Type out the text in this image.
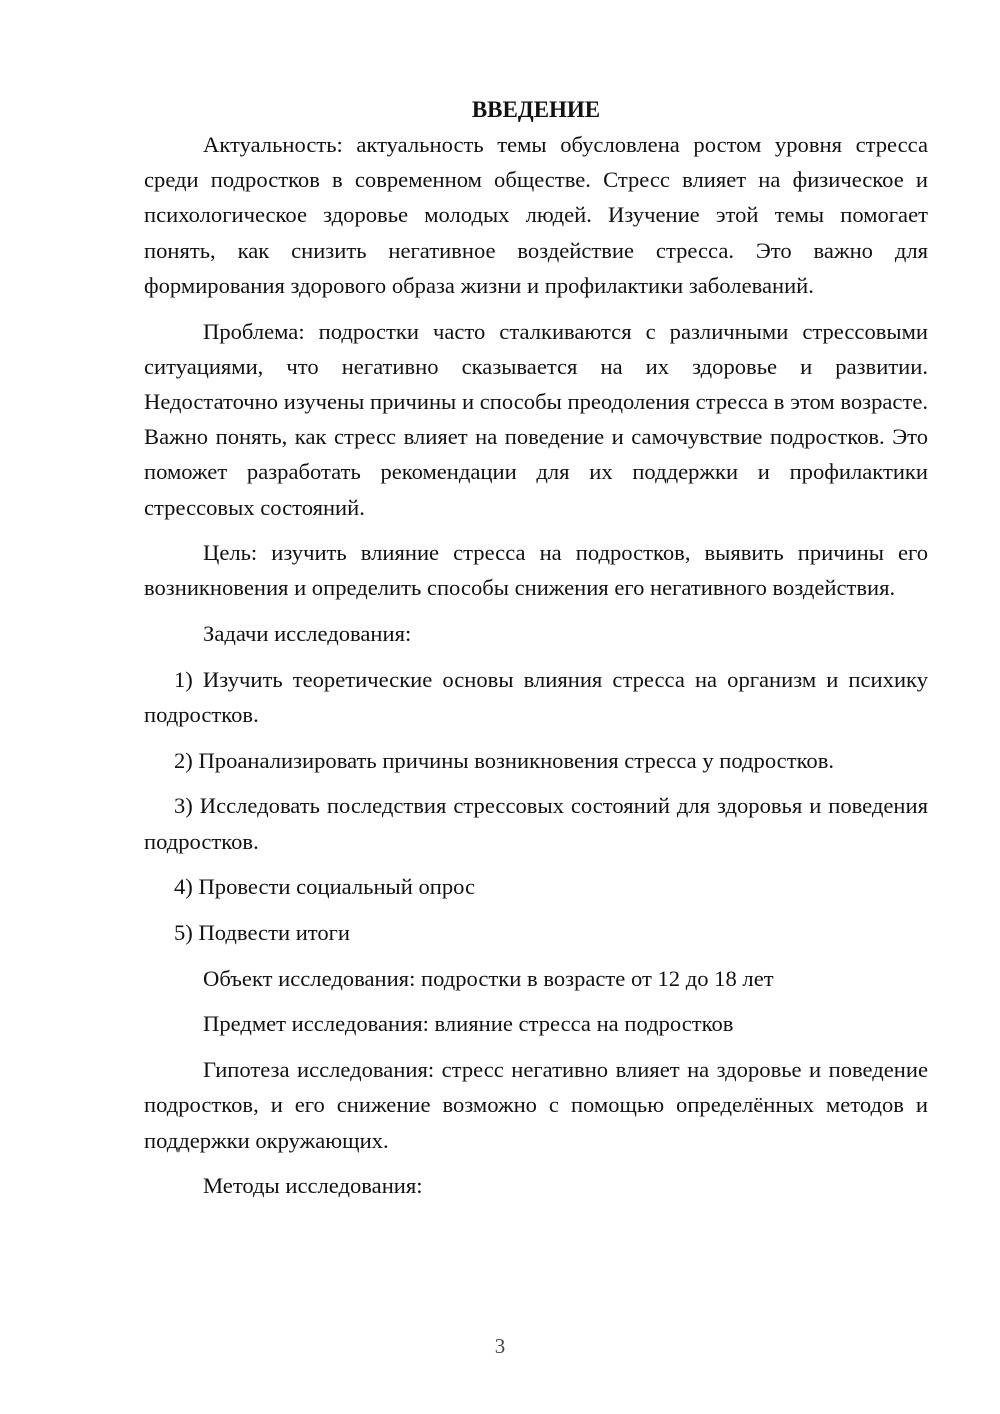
ВВЕДЕНИЕ

Актуальность: актуальность темы обусловлена ростом уровня стресса среди подростков в современном обществе. Стресс влияет на физическое и психологическое здоровье молодых людей. Изучение этой темы помогает понять, как снизить негативное воздействие стресса. Это важно для формирования здорового образа жизни и профилактики заболеваний.

Проблема: подростки часто сталкиваются с различными стрессовыми ситуациями, что негативно сказывается на их здоровье и развитии. Недостаточно изучены причины и способы преодоления стресса в этом возрасте. Важно понять, как стресс влияет на поведение и самочувствие подростков. Это поможет разработать рекомендации для их поддержки и профилактики стрессовых состояний.

Цель: изучить влияние стресса на подростков, выявить причины его возникновения и определить способы снижения его негативного воздействия.

Задачи исследования:

1) Изучить теоретические основы влияния стресса на организм и психику подростков.

2) Проанализировать причины возникновения стресса у подростков.

3) Исследовать последствия стрессовых состояний для здоровья и поведения подростков.

4) Провести социальный опрос

5) Подвести итоги

Объект исследования: подростки в возрасте от 12 до 18 лет

Предмет исследования: влияние стресса на подростков

Гипотеза исследования: стресс негативно влияет на здоровье и поведение подростков, и его снижение возможно с помощью определённых методов и поддержки окружающих.

Методы исследования:

3
